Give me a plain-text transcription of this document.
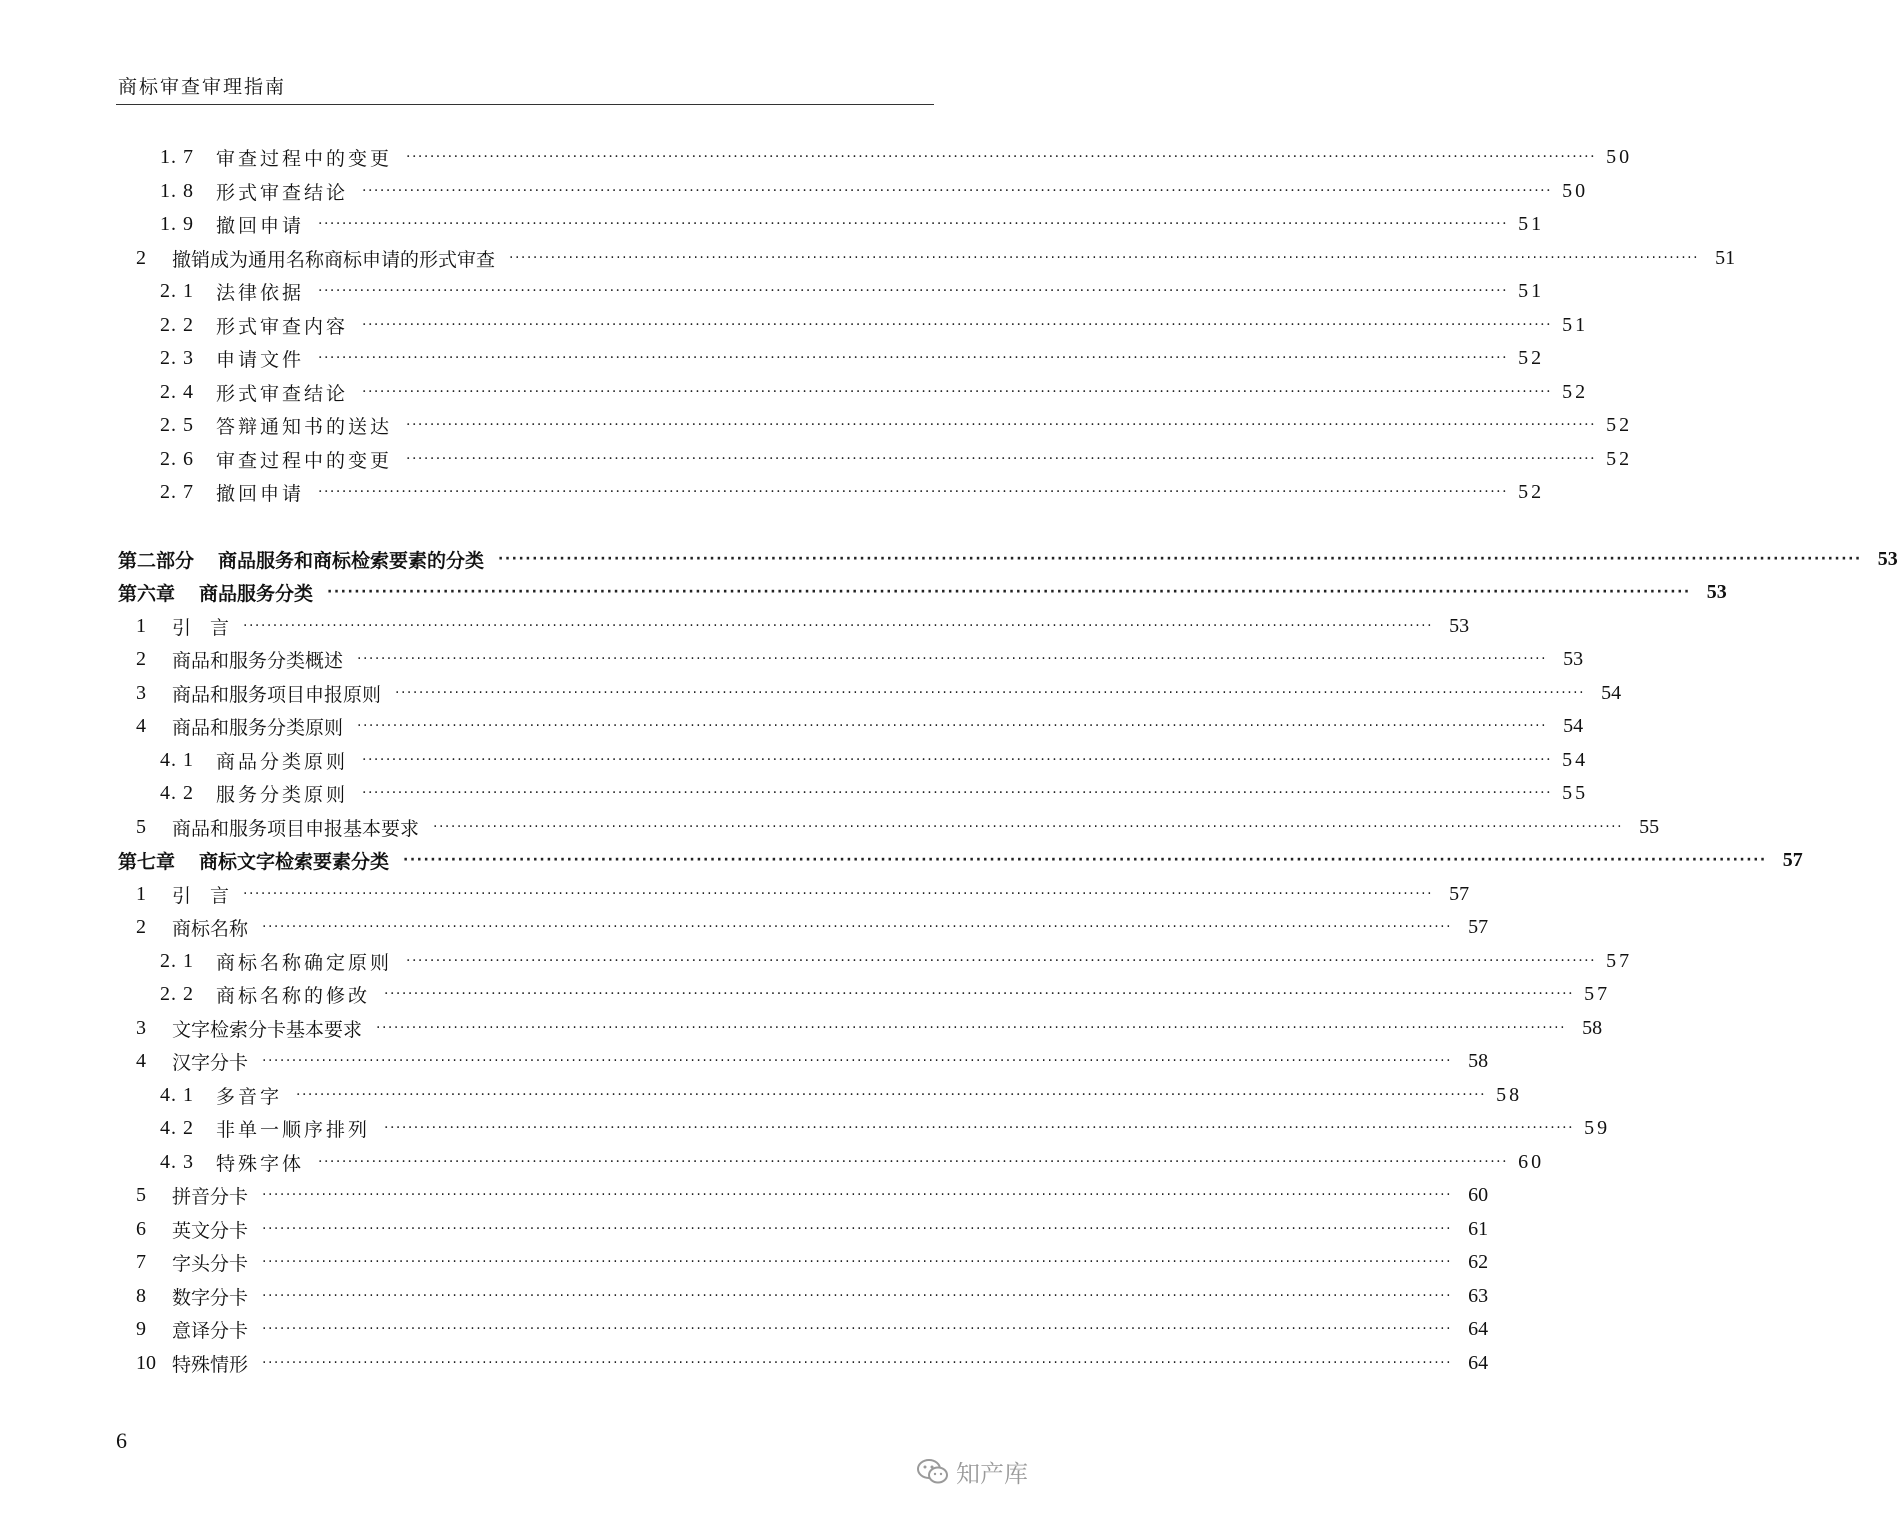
商标审查审理指南
1. 7	审查过程中的变更 ········································································································································································································ 50
1. 8	形式审查结论 ········································································································································································································ 50
1. 9	撤回申请 ········································································································································································································ 51
2	撤销成为通用名称商标申请的形式审查 ········································································································································································································ 51
2. 1	法律依据 ········································································································································································································ 51
2. 2	形式审查内容 ········································································································································································································ 51
2. 3	申请文件 ········································································································································································································ 52
2. 4	形式审查结论 ········································································································································································································ 52
2. 5	答辩通知书的送达 ········································································································································································································ 52
2. 6	审查过程中的变更 ········································································································································································································ 52
2. 7	撤回申请 ········································································································································································································ 52
第二部分 商品服务和商标检索要素的分类 ········································································································································································································ 53
第六章 商品服务分类 ········································································································································································································ 53
1	引　言 ········································································································································································································ 53
2	商品和服务分类概述 ········································································································································································································ 53
3	商品和服务项目申报原则 ········································································································································································································ 54
4	商品和服务分类原则 ········································································································································································································ 54
4. 1	商品分类原则 ········································································································································································································ 54
4. 2	服务分类原则 ········································································································································································································ 55
5	商品和服务项目申报基本要求 ········································································································································································································ 55
第七章 商标文字检索要素分类 ········································································································································································································ 57
1	引　言 ········································································································································································································ 57
2	商标名称 ········································································································································································································ 57
2. 1	商标名称确定原则 ········································································································································································································ 57
2. 2	商标名称的修改 ········································································································································································································ 57
3	文字检索分卡基本要求 ········································································································································································································ 58
4	汉字分卡 ········································································································································································································ 58
4. 1	多音字 ········································································································································································································ 58
4. 2	非单一顺序排列 ········································································································································································································ 59
4. 3	特殊字体 ········································································································································································································ 60
5	拼音分卡 ········································································································································································································ 60
6	英文分卡 ········································································································································································································ 61
7	字头分卡 ········································································································································································································ 62
8	数字分卡 ········································································································································································································ 63
9	意译分卡 ········································································································································································································ 64
10 特殊情形 ········································································································································································································ 64
6
知产库
